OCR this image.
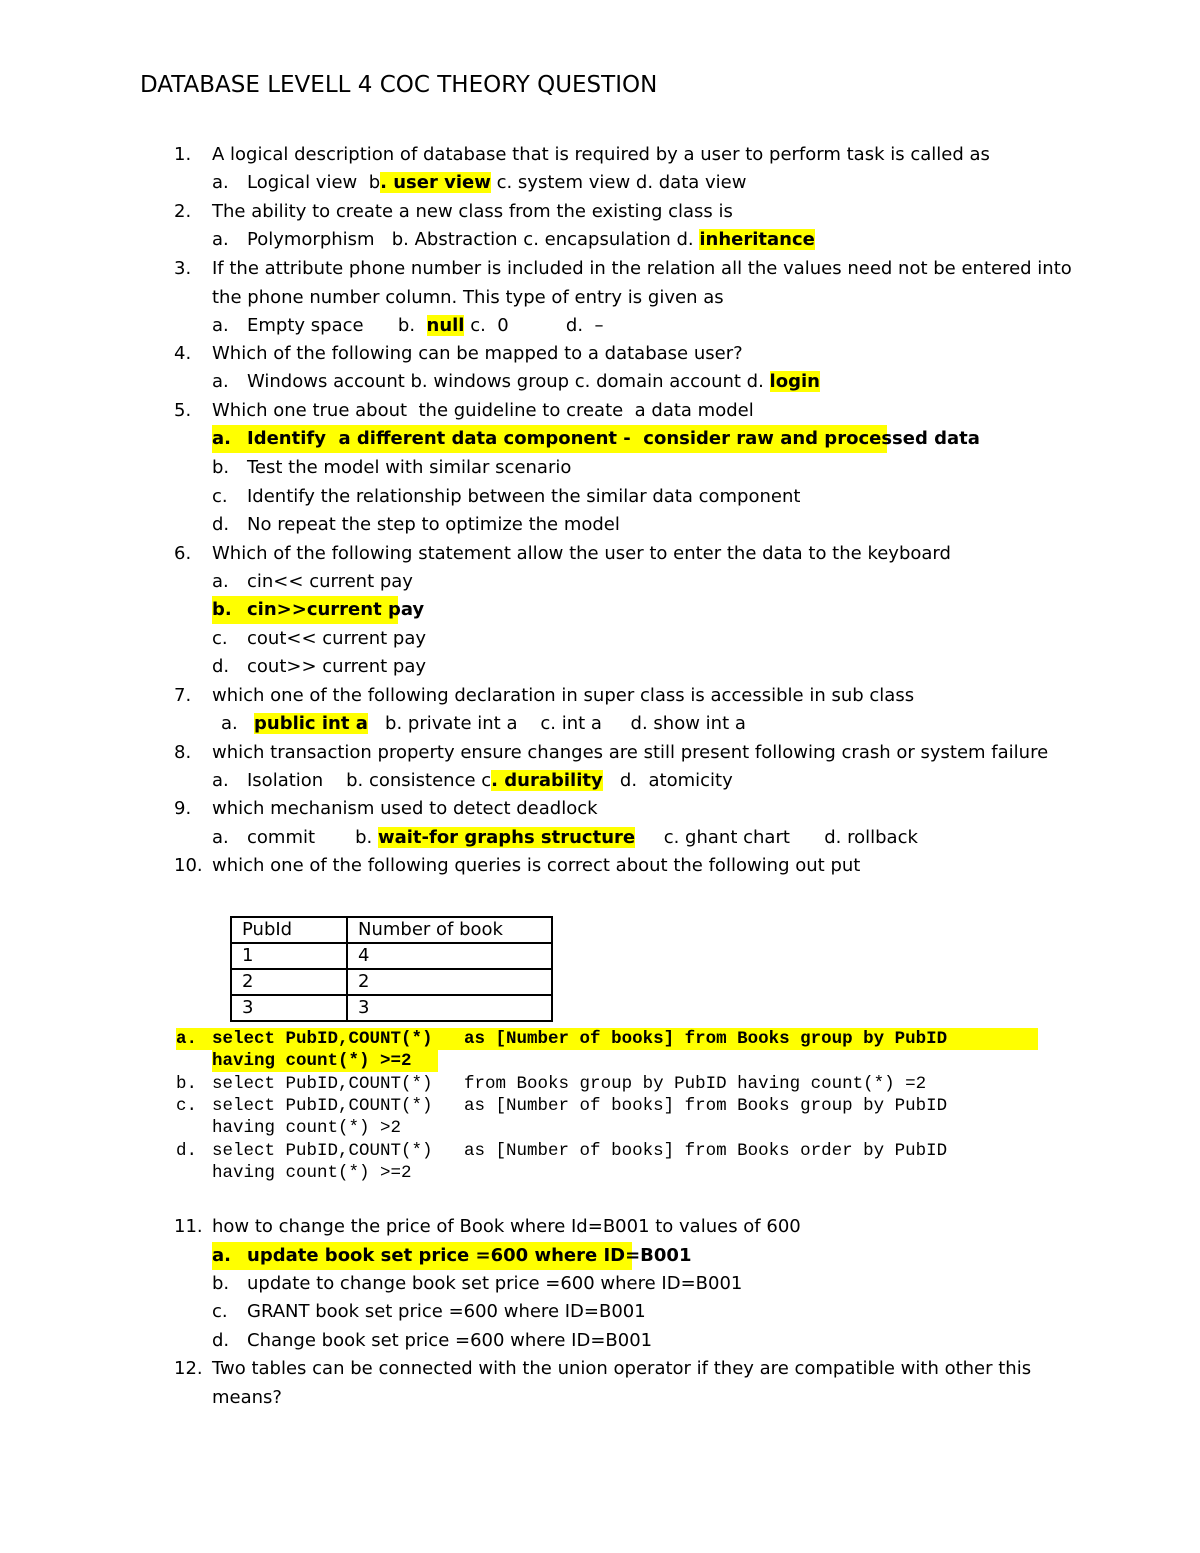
DATABASE LEVELL 4 COC THEORY QUESTION
1. A logical description of database that is required by a user to perform task is called as
a. Logical view  b. user view c. system view d. data view
2. The ability to create a new class from the existing class is
a. Polymorphism   b. Abstraction c. encapsulation d. inheritance
3. If the attribute phone number is included in the relation all the values need not be entered into
the phone number column. This type of entry is given as
a. Empty space      b.  null c.  0          d.  –
4. Which of the following can be mapped to a database user?
a. Windows account b. windows group c. domain account d. login
5. Which one true about  the guideline to create  a data model
a. Identify  a different data component -  consider raw and processed data
b. Test the model with similar scenario
c. Identify the relationship between the similar data component
d. No repeat the step to optimize the model
6. Which of the following statement allow the user to enter the data to the keyboard
a. cin<< current pay
b. cin>>current pay
c. cout<< current pay
d. cout>> current pay
7. which one of the following declaration in super class is accessible in sub class
a. public int a   b. private int a    c. int a     d. show int a
8. which transaction property ensure changes are still present following crash or system failure
a. Isolation    b. consistence c. durability   d.  atomicity
9. which mechanism used to detect deadlock
a. commit       b. wait-for graphs structure     c. ghant chart      d. rollback
10. which one of the following queries is correct about the following out put
PubId	Number of book
1	4
2	2
3	3
a. select PubID,COUNT(*)   as [Number of books] from Books group by PubID
having count(*) >=2
b. select PubID,COUNT(*)   from Books group by PubID having count(*) =2
c. select PubID,COUNT(*)   as [Number of books] from Books group by PubID
having count(*) >2
d. select PubID,COUNT(*)   as [Number of books] from Books order by PubID
having count(*) >=2
11. how to change the price of Book where Id=B001 to values of 600
a. update book set price =600 where ID=B001
b. update to change book set price =600 where ID=B001
c. GRANT book set price =600 where ID=B001
d. Change book set price =600 where ID=B001
12. Two tables can be connected with the union operator if they are compatible with other this
means?
